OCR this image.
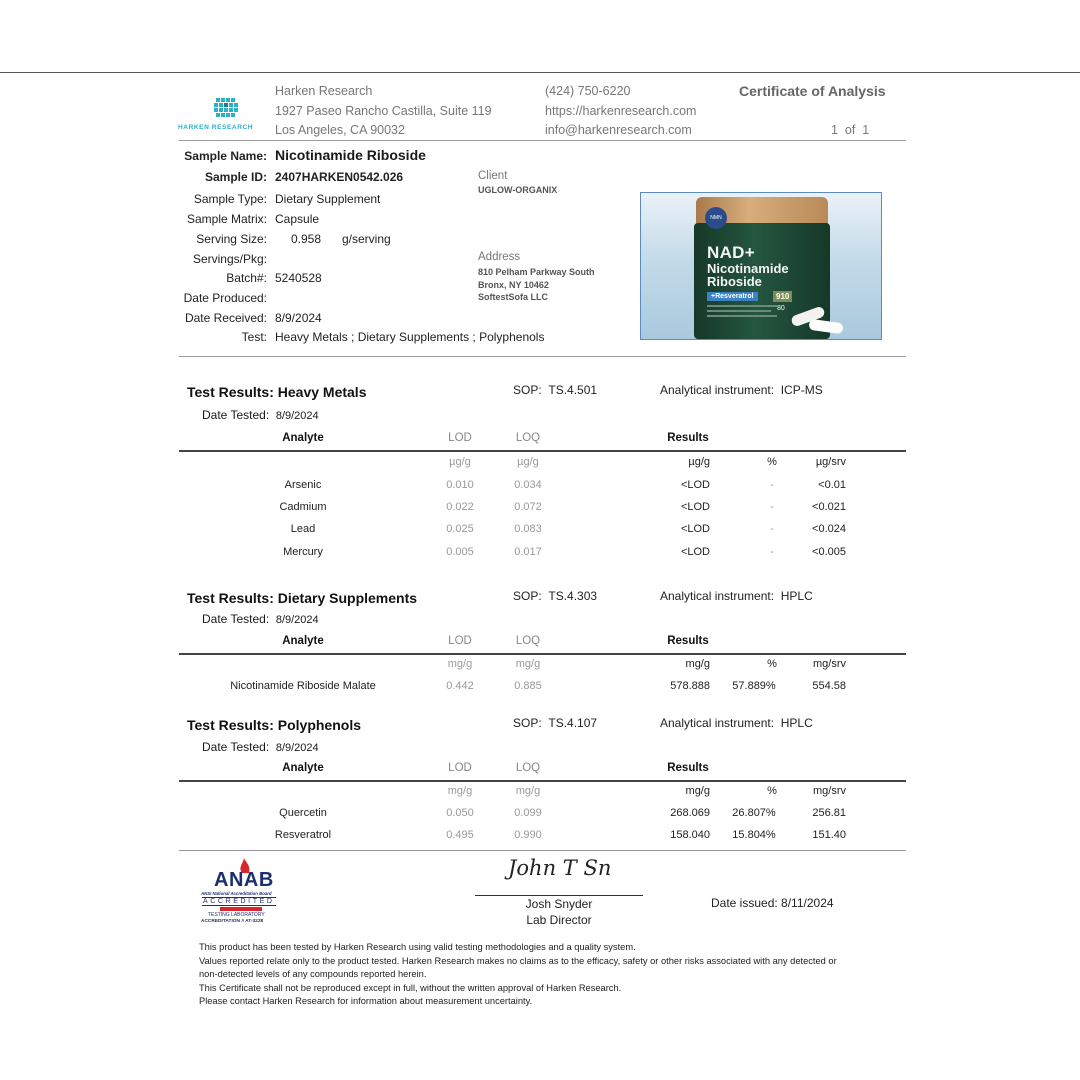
HARKEN RESEARCH
Harken Research
1927 Paseo Rancho Castilla, Suite 119
Los Angeles, CA 90032
(424) 750-6220
https://harkenresearch.com
info@harkenresearch.com
Certificate of Analysis
1 of 1
Sample Name: Nicotinamide Riboside
Sample ID: 2407HARKEN0542.026
Sample Type: Dietary Supplement
Sample Matrix: Capsule
Serving Size: 0.958 g/serving
Servings/Pkg:
Batch#: 5240528
Date Produced:
Date Received: 8/9/2024
Test: Heavy Metals ; Dietary Supplements ; Polyphenols
Client
UGLOW-ORGANIX
Address
810 Pelham Parkway South
Bronx, NY 10462
SoftestSofa LLC
NMN
NAD+
Nicotinamide
Riboside
+Resveratrol	910
80
Test Results: Heavy Metals	SOP: TS.4.501	Analytical instrument: ICP-MS
Date Tested: 8/9/2024
Analyte	LOD	LOQ	Results
µg/g	µg/g	µg/g	%	µg/srv
Arsenic	0.010	0.034	<LOD	-	<0.01
Cadmium	0.022	0.072	<LOD	-	<0.021
Lead	0.025	0.083	<LOD	-	<0.024
Mercury	0.005	0.017	<LOD	-	<0.005
Test Results: Dietary Supplements	SOP: TS.4.303	Analytical instrument: HPLC
Date Tested: 8/9/2024
Analyte	LOD	LOQ	Results
mg/g	mg/g	mg/g	%	mg/srv
Nicotinamide Riboside Malate	0.442	0.885	578.888	57.889%	554.58
Test Results: Polyphenols	SOP: TS.4.107	Analytical instrument: HPLC
Date Tested: 8/9/2024
Analyte	LOD	LOQ	Results
mg/g	mg/g	mg/g	%	mg/srv
Quercetin	0.050	0.099	268.069	26.807%	256.81
Resveratrol	0.495	0.990	158.040	15.804%	151.40
ANAB
ANSI National Accreditation Board
ACCREDITED
TESTING LABORATORY
ACCREDITATION # AT-3228
John T Sn
Josh Snyder
Lab Director
Date issued: 8/11/2024
This product has been tested by Harken Research using valid testing methodologies and a quality system.
Values reported relate only to the product tested. Harken Research makes no claims as to the efficacy, safety or other risks associated with any detected or
non-detected levels of any compounds reported herein.
This Certificate shall not be reproduced except in full, without the written approval of Harken Research.
Please contact Harken Research for information about measurement uncertainty.
